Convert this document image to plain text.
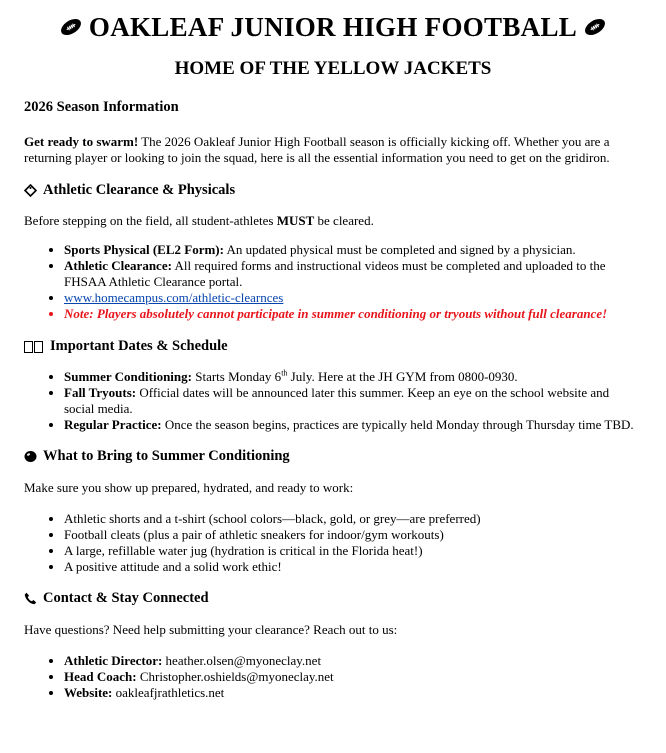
OAKLEAF JUNIOR HIGH FOOTBALL
HOME OF THE YELLOW JACKETS
2026 Season Information

Get ready to swarm! The 2026 Oakleaf Junior High Football season is officially kicking off. Whether you are a returning player or looking to join the squad, here is all the essential information you need to get on the gridiron.

Athletic Clearance & Physicals

Before stepping on the field, all student-athletes MUST be cleared.

• Sports Physical (EL2 Form): An updated physical must be completed and signed by a physician.
• Athletic Clearance: All required forms and instructional videos must be completed and uploaded to the FHSAA Athletic Clearance portal.
• www.homecampus.com/athletic-clearnces
• Note: Players absolutely cannot participate in summer conditioning or tryouts without full clearance!
Important Dates & Schedule
• Summer Conditioning: Starts Monday 6th July. Here at the JH GYM from 0800-0930.
• Fall Tryouts: Official dates will be announced later this summer. Keep an eye on the school website and social media.
• Regular Practice: Once the season begins, practices are typically held Monday through Thursday time TBD.
What to Bring to Summer Conditioning

Make sure you show up prepared, hydrated, and ready to work:

• Athletic shorts and a t-shirt (school colors—black, gold, or grey—are preferred)
• Football cleats (plus a pair of athletic sneakers for indoor/gym workouts)
• A large, refillable water jug (hydration is critical in the Florida heat!)
• A positive attitude and a solid work ethic!
Contact & Stay Connected

Have questions? Need help submitting your clearance? Reach out to us:

• Athletic Director: heather.olsen@myoneclay.net
• Head Coach: Christopher.oshields@myoneclay.net
• Website: oakleafjrathletics.net
